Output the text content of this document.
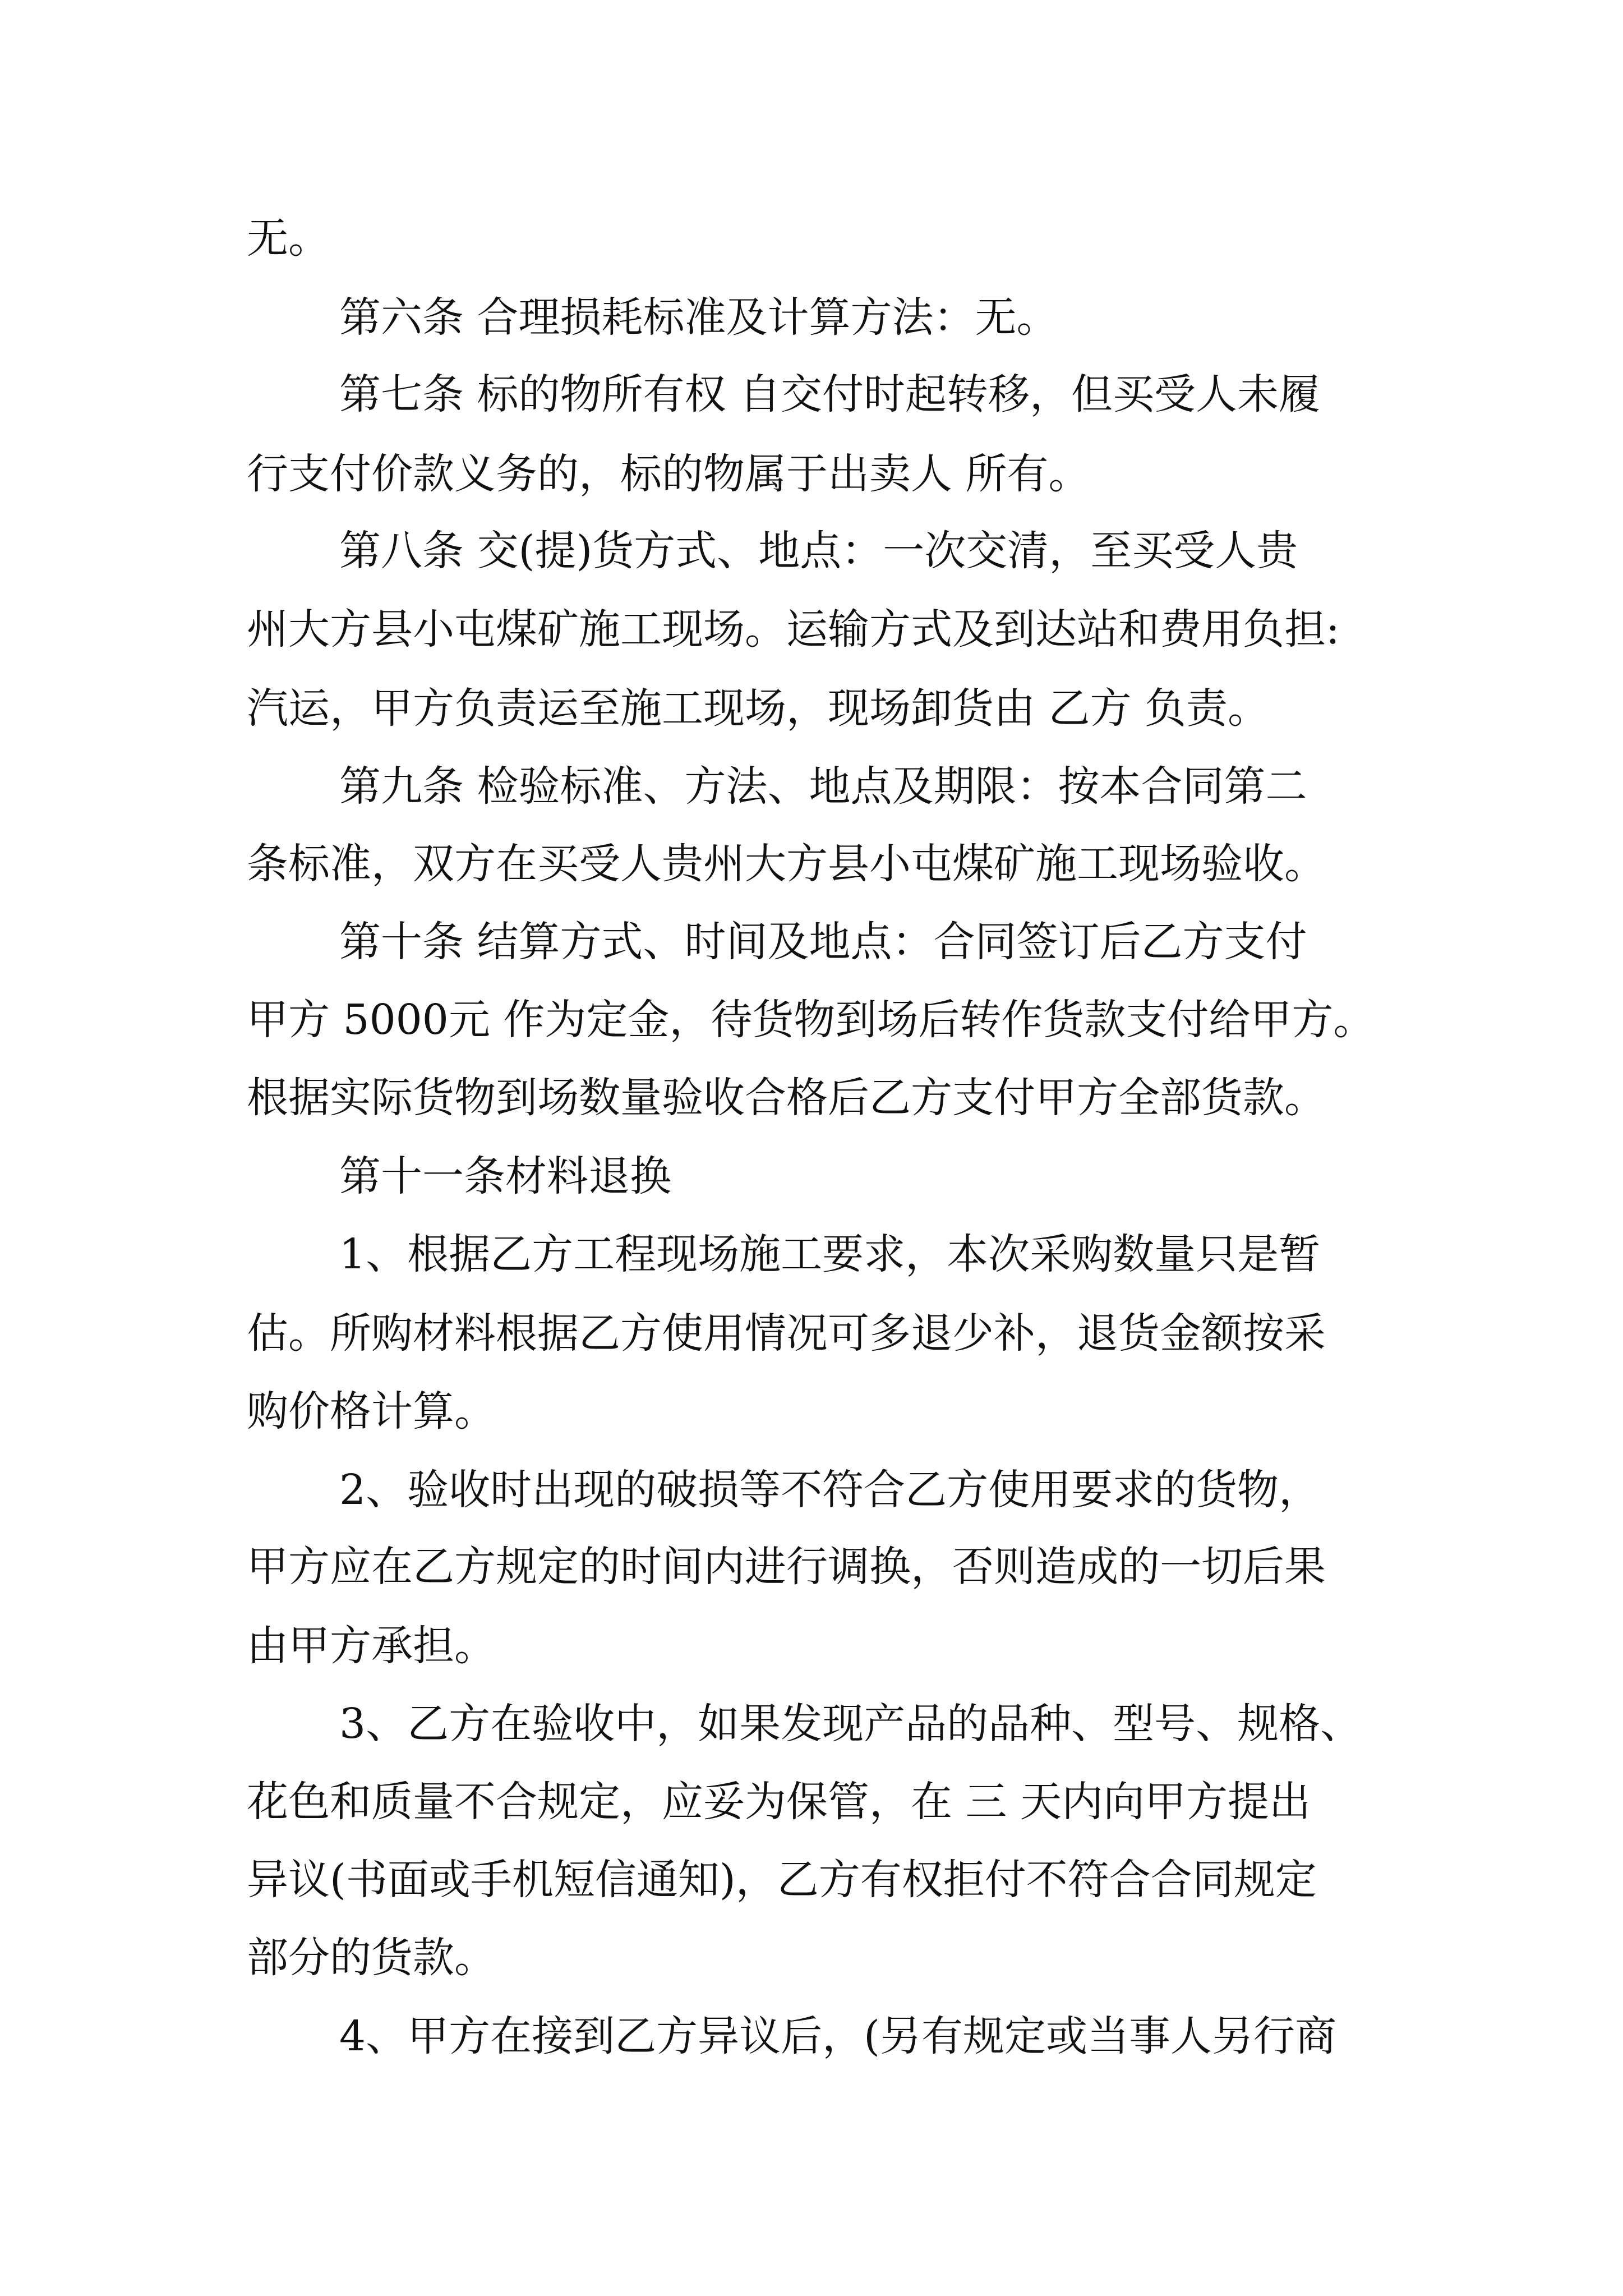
无。

第六条 合理损耗标准及计算方法：无。

第七条 标的物所有权 自交付时起转移，但买受人未履

行支付价款义务的，标的物属于出卖人 所有。

第八条 交(提)货方式、地点：一次交清，至买受人贵

州大方县小屯煤矿施工现场。运输方式及到达站和费用负担:

汽运，甲方负责运至施工现场，现场卸货由 乙方 负责。

第九条 检验标准、方法、地点及期限：按本合同第二

条标准，双方在买受人贵州大方县小屯煤矿施工现场验收。

第十条 结算方式、时间及地点：合同签订后乙方支付

甲方 5000元 作为定金，待货物到场后转作货款支付给甲方。

根据实际货物到场数量验收合格后乙方支付甲方全部货款。

第十一条材料退换

1、根据乙方工程现场施工要求，本次采购数量只是暂

估。所购材料根据乙方使用情况可多退少补，退货金额按采

购价格计算。

2、验收时出现的破损等不符合乙方使用要求的货物，

甲方应在乙方规定的时间内进行调换，否则造成的一切后果

由甲方承担。

3、乙方在验收中，如果发现产品的品种、型号、规格、

花色和质量不合规定，应妥为保管，在 三 天内向甲方提出

异议(书面或手机短信通知)，乙方有权拒付不符合合同规定

部分的货款。

4、甲方在接到乙方异议后，(另有规定或当事人另行商
